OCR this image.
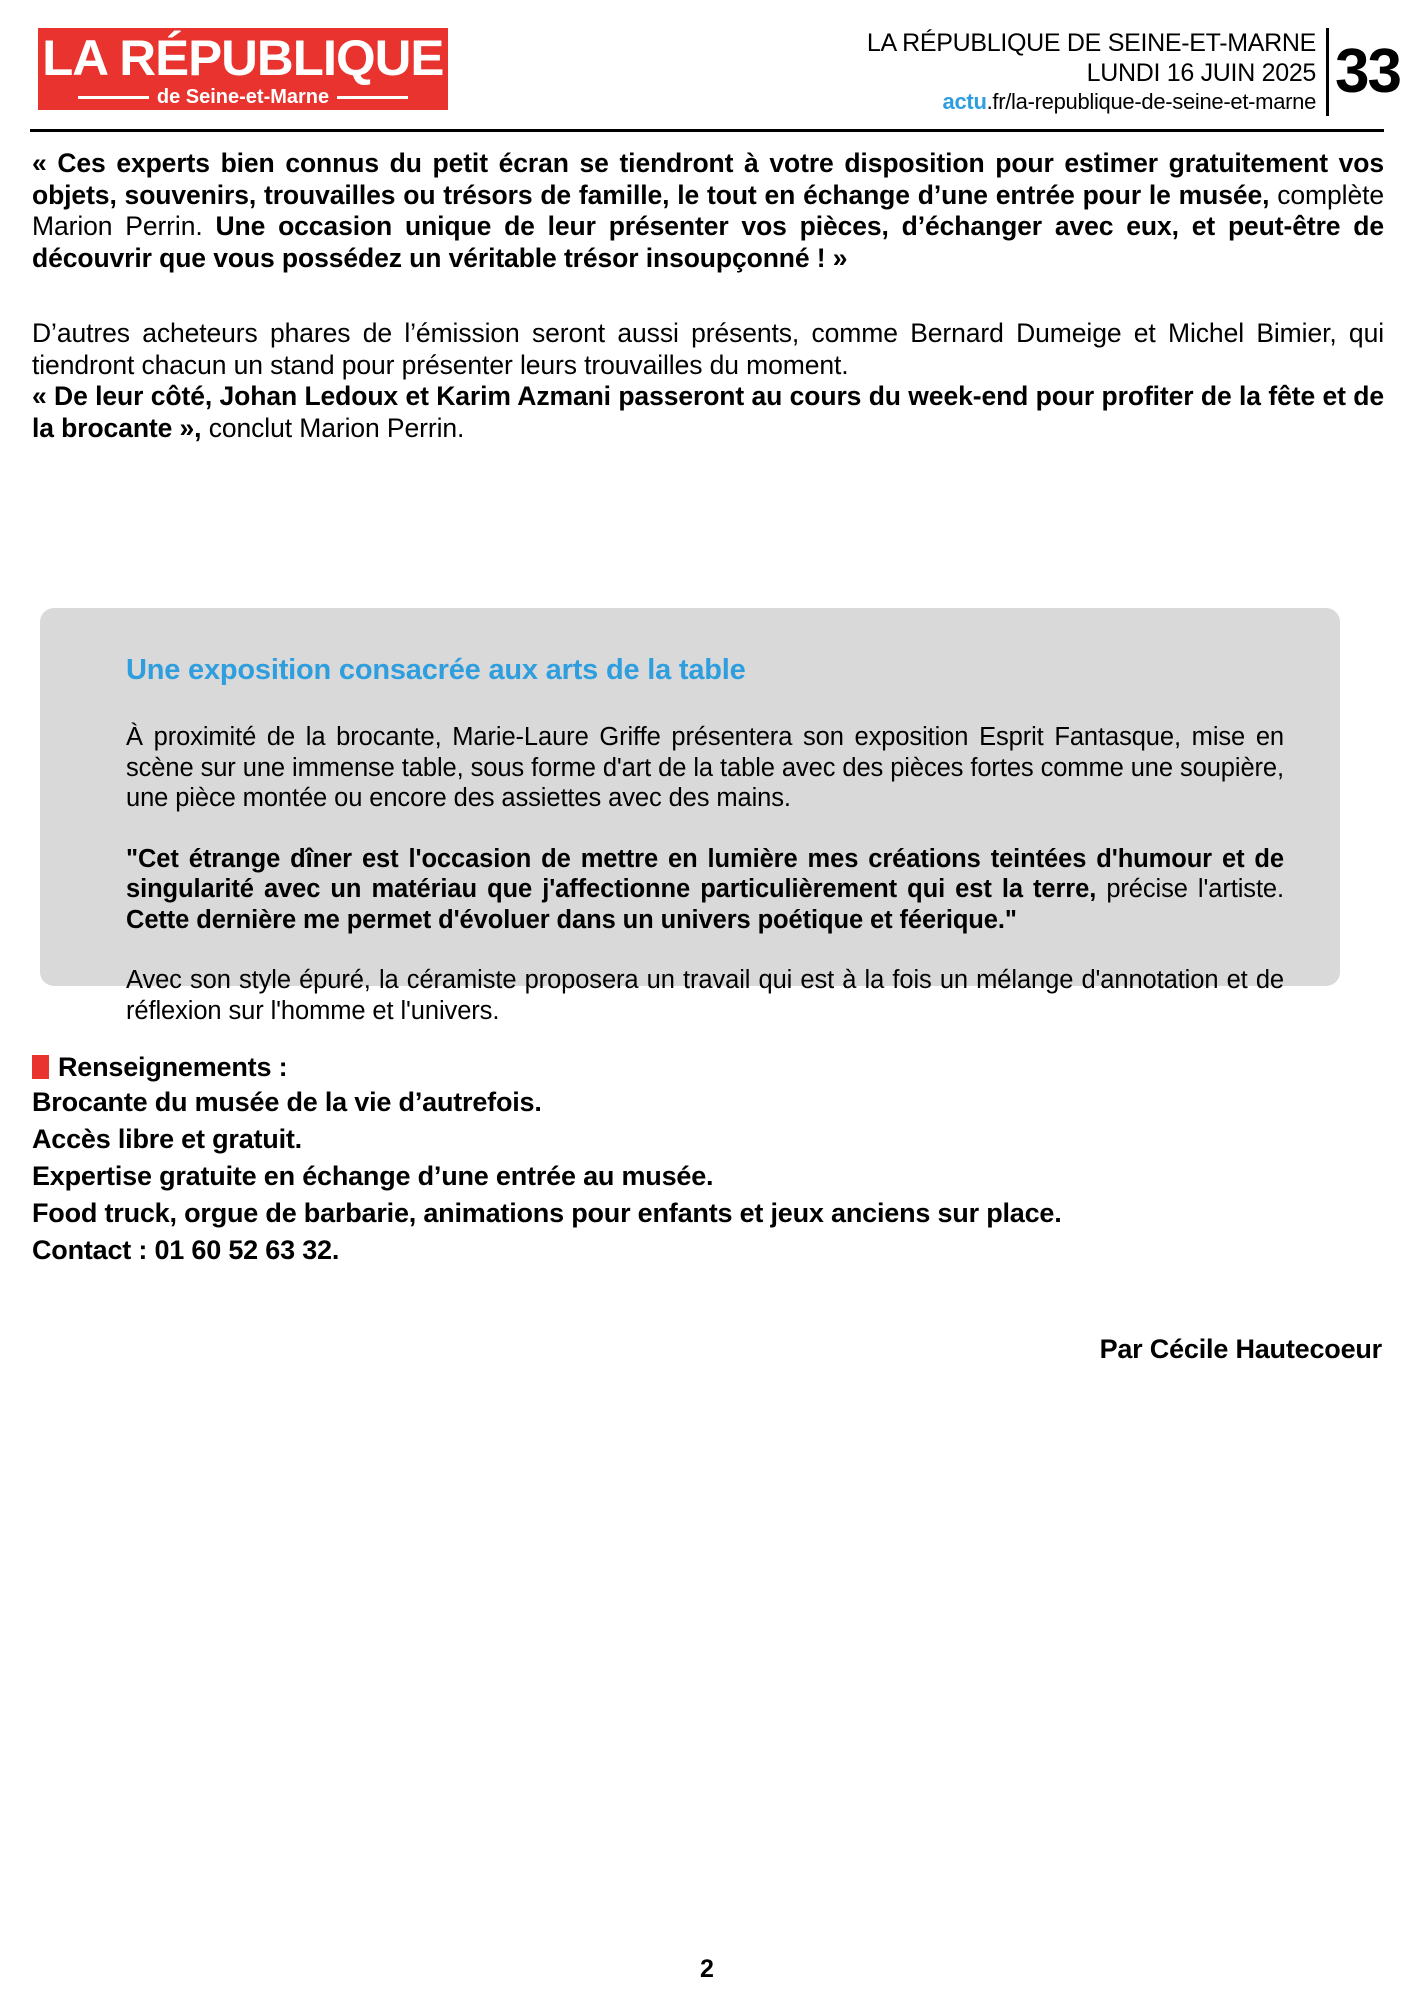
LA RÉPUBLIQUE
de Seine-et-Marne
LA RÉPUBLIQUE DE SEINE-ET-MARNE
LUNDI 16 JUIN 2025
actu.fr/la-republique-de-seine-et-marne 33

« Ces experts bien connus du petit écran se tiendront à votre disposition pour estimer gratuitement vos objets, souvenirs, trouvailles ou trésors de famille, le tout en échange d’une entrée pour le musée, complète Marion Perrin. Une occasion unique de leur présenter vos pièces, d’échanger avec eux, et peut-être de découvrir que vous possédez un véritable trésor insoupçonné ! »

D’autres acheteurs phares de l’émission seront aussi présents, comme Bernard Dumeige et Michel Bimier, qui tiendront chacun un stand pour présenter leurs trouvailles du moment.

« De leur côté, Johan Ledoux et Karim Azmani passeront au cours du week-end pour profiter de la fête et de la brocante », conclut Marion Perrin.

Une exposition consacrée aux arts de la table

À proximité de la brocante, Marie-Laure Griffe présentera son exposition Esprit Fantasque, mise en scène sur une immense table, sous forme d'art de la table avec des pièces fortes comme une soupière, une pièce montée ou encore des assiettes avec des mains.

"Cet étrange dîner est l'occasion de mettre en lumière mes créations teintées d'humour et de singularité avec un matériau que j'affectionne particulièrement qui est la terre, précise l'artiste. Cette dernière me permet d'évoluer dans un univers poétique et féerique."

Avec son style épuré, la céramiste proposera un travail qui est à la fois un mélange d'annotation et de réflexion sur l'homme et l'univers.

Renseignements :
Brocante du musée de la vie d’autrefois.
Accès libre et gratuit.
Expertise gratuite en échange d’une entrée au musée.
Food truck, orgue de barbarie, animations pour enfants et jeux anciens sur place.
Contact : 01 60 52 63 32.
Par Cécile Hautecoeur
2
